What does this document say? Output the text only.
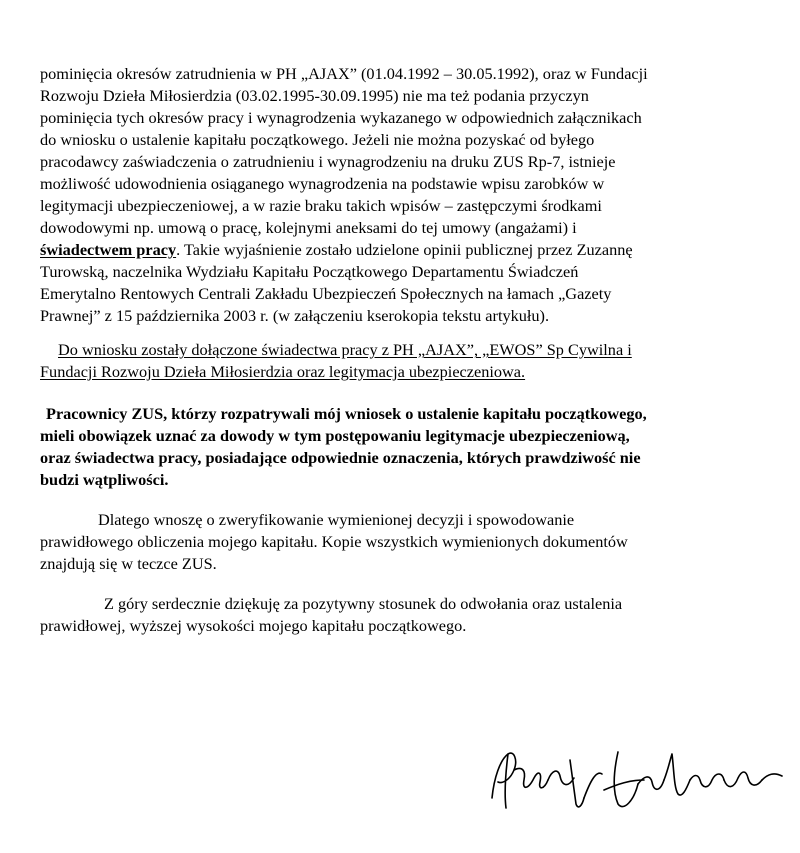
pominięcia okresów zatrudnienia w PH „AJAX” (01.04.1992 – 30.05.1992), oraz w Fundacji
Rozwoju Dzieła Miłosierdzia (03.02.1995-30.09.1995) nie ma też podania przyczyn
pominięcia tych okresów pracy i wynagrodzenia wykazanego w odpowiednich załącznikach
do wniosku o ustalenie kapitału początkowego. Jeżeli nie można pozyskać od byłego
pracodawcy zaświadczenia o zatrudnieniu i wynagrodzeniu na druku ZUS Rp-7, istnieje
możliwość udowodnienia osiąganego wynagrodzenia na podstawie wpisu zarobków w
legitymacji ubezpieczeniowej, a w razie braku takich wpisów – zastępczymi środkami
dowodowymi np. umową o pracę, kolejnymi aneksami do tej umowy (angażami) i
świadectwem pracy. Takie wyjaśnienie zostało udzielone opinii publicznej przez Zuzannę
Turowską, naczelnika Wydziału Kapitału Początkowego Departamentu Świadczeń
Emerytalno Rentowych Centrali Zakładu Ubezpieczeń Społecznych na łamach „Gazety
Prawnej” z 15 października 2003 r. (w załączeniu kserokopia tekstu artykułu).
Do wniosku zostały dołączone świadectwa pracy z PH „AJAX”, „EWOS” Sp Cywilna i
Fundacji Rozwoju Dzieła Miłosierdzia oraz legitymacja ubezpieczeniowa.
Pracownicy ZUS, którzy rozpatrywali mój wniosek o ustalenie kapitału początkowego,
mieli obowiązek uznać za dowody w tym postępowaniu legitymacje ubezpieczeniową,
oraz świadectwa pracy, posiadające odpowiednie oznaczenia, których prawdziwość nie
budzi wątpliwości.
Dlatego wnoszę o zweryfikowanie wymienionej decyzji i spowodowanie
prawidłowego obliczenia mojego kapitału. Kopie wszystkich wymienionych dokumentów
znajdują się w teczce ZUS.
Z góry serdecznie dziękuję za pozytywny stosunek do odwołania oraz ustalenia
prawidłowej, wyższej wysokości mojego kapitału początkowego.
